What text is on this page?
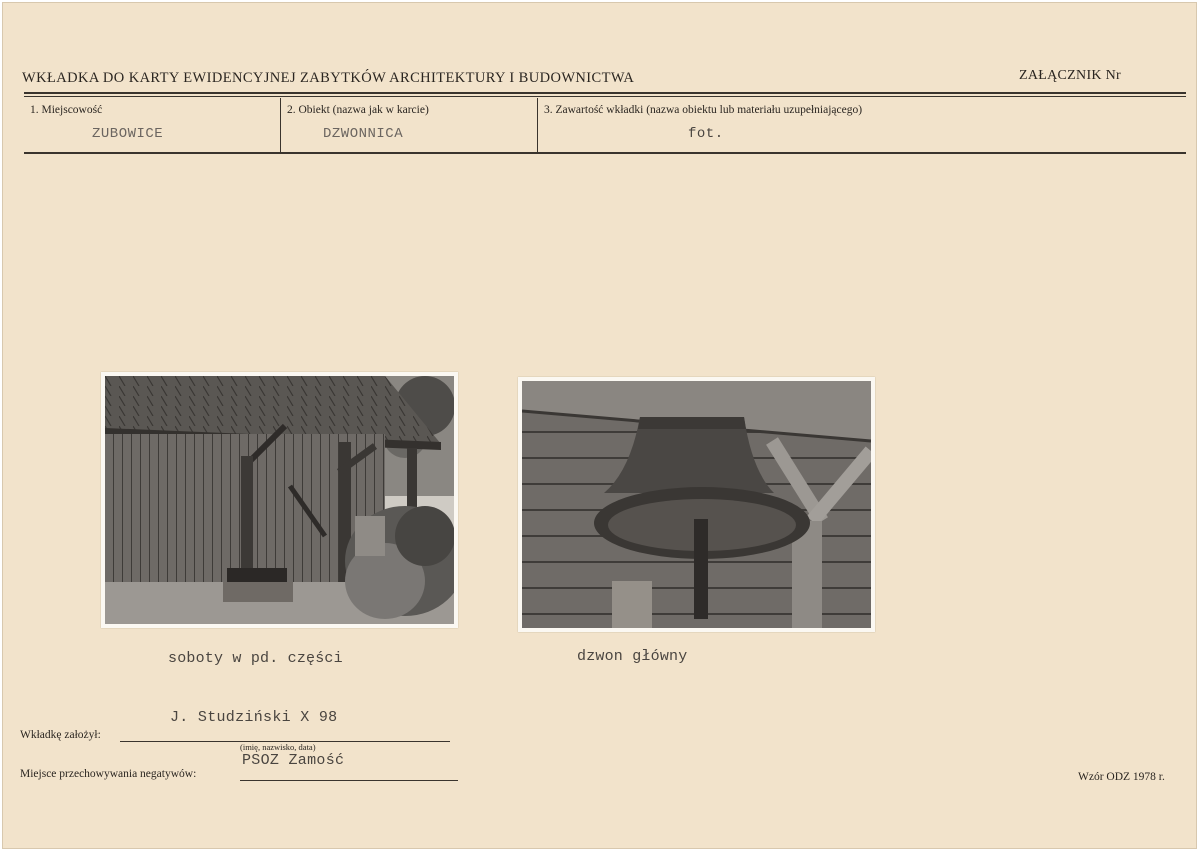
WKŁADKA DO KARTY EWIDENCYJNEJ ZABYTKÓW ARCHITEKTURY I BUDOWNICTWA	ZAŁĄCZNIK Nr
1. Miejscowość
ZUBOWICE
2. Obiekt (nazwa jak w karcie)
DZWONNICA
3. Zawartość wkładki (nazwa obiektu lub materiału uzupełniającego)
fot.
soboty w pd. części	dzwon główny
J. Studziński X 98
Wkładkę założył:
(imię, nazwisko, data)
PSOZ Zamość
Miejsce przechowywania negatywów:	Wzór ODZ 1978 r.
